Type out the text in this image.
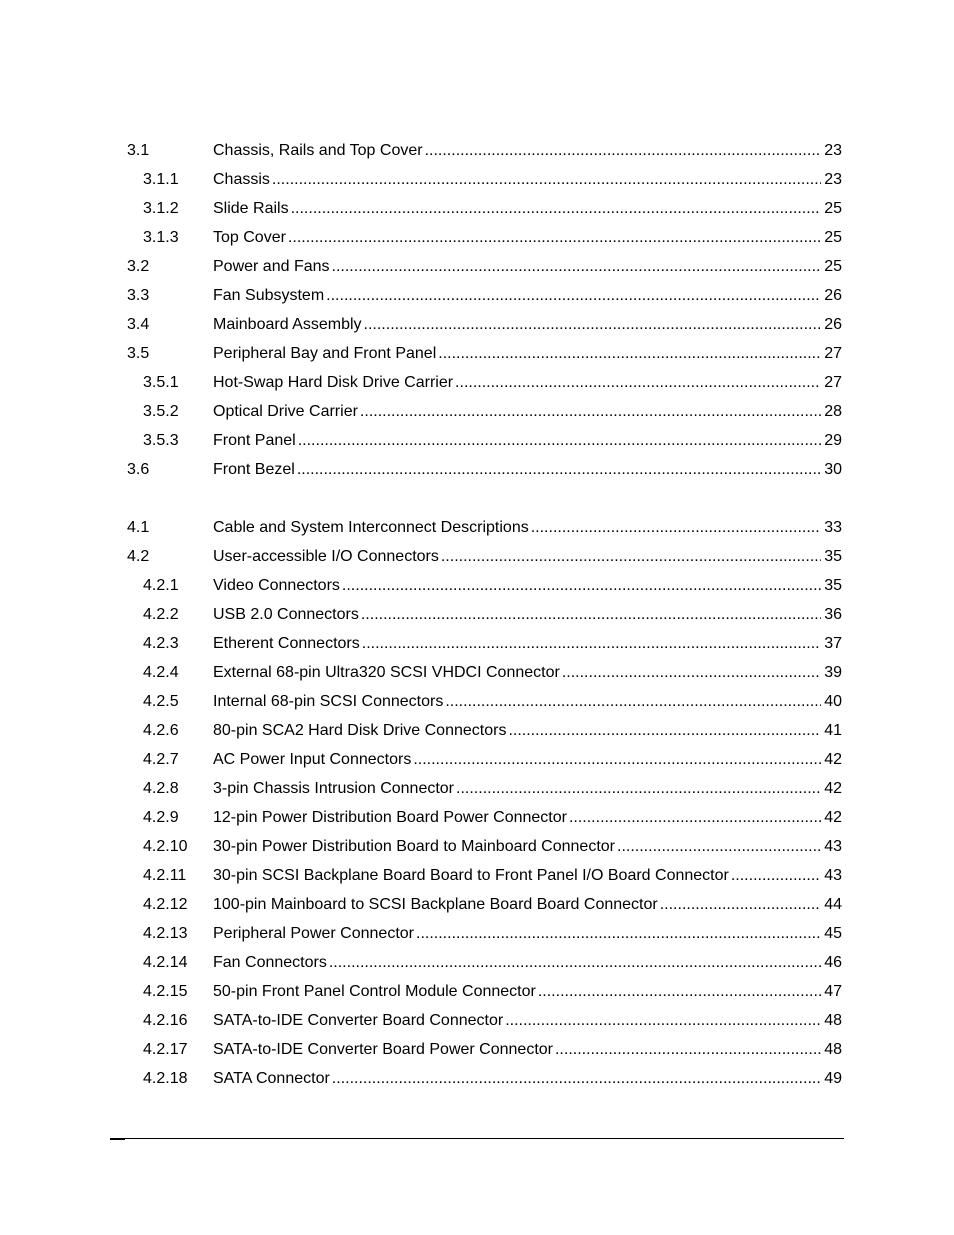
3.1	Chassis, Rails and Top Cover .....	23
3.1.1 Chassis .....	23
3.1.2 Slide Rails .....	25
3.1.3 Top Cover .....	25
3.2	Power and Fans .....	25
3.3	Fan Subsystem .....	26
3.4	Mainboard Assembly .....	26
3.5	Peripheral Bay and Front Panel .....	27
3.5.1 Hot-Swap Hard Disk Drive Carrier .....	27
3.5.2 Optical Drive Carrier .....	28
3.5.3 Front Panel .....	29
3.6	Front Bezel .....	30
4.1	Cable and System Interconnect Descriptions .....	33
4.2	User-accessible I/O Connectors .....	35
4.2.1 Video Connectors .....	35
4.2.2 USB 2.0 Connectors .....	36
4.2.3 Etherent Connectors .....	37
4.2.4 External 68-pin Ultra320 SCSI VHDCI Connector .....	39
4.2.5 Internal 68-pin SCSI Connectors .....	40
4.2.6 80-pin SCA2 Hard Disk Drive Connectors .....	41
4.2.7 AC Power Input Connectors .....	42
4.2.8 3-pin Chassis Intrusion Connector .....	42
4.2.9 12-pin Power Distribution Board Power Connector .....	42
4.2.10 30-pin Power Distribution Board to Mainboard Connector .....	43
4.2.11 30-pin SCSI Backplane Board Board to Front Panel I/O Board Connector .....	43
4.2.12 100-pin Mainboard to SCSI Backplane Board Board Connector .....	44
4.2.13 Peripheral Power Connector .....	45
4.2.14 Fan Connectors .....	46
4.2.15 50-pin Front Panel Control Module Connector .....	47
4.2.16 SATA-to-IDE Converter Board Connector .....	48
4.2.17 SATA-to-IDE Converter Board Power Connector .....	48
4.2.18 SATA Connector .....	49
